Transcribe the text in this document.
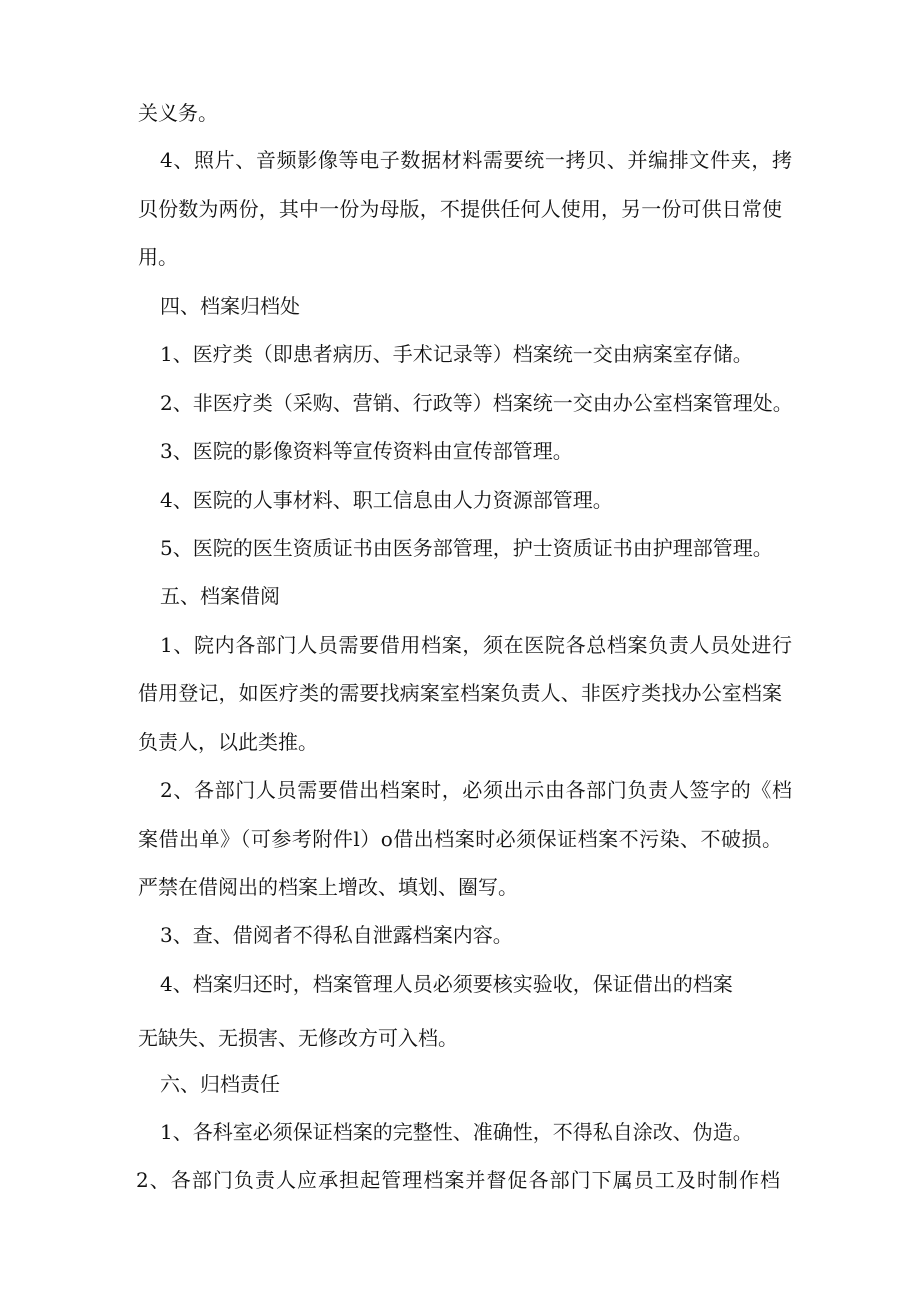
关义务。

4、照片、音频影像等电子数据材料需要统一拷贝、并编排文件夹，拷

贝份数为两份，其中一份为母版，不提供任何人使用，另一份可供日常使

用。

四、档案归档处

1、医疗类（即患者病历、手术记录等）档案统一交由病案室存储。

2、非医疗类（采购、营销、行政等）档案统一交由办公室档案管理处。

3、医院的影像资料等宣传资料由宣传部管理。

4、医院的人事材料、职工信息由人力资源部管理。

5、医院的医生资质证书由医务部管理，护士资质证书由护理部管理。

五、档案借阅

1、院内各部门人员需要借用档案，须在医院各总档案负责人员处进行

借用登记，如医疗类的需要找病案室档案负责人、非医疗类找办公室档案

负责人，以此类推。

2、各部门人员需要借出档案时，必须出示由各部门负责人签字的《档

案借出单》（可参考附件l）o借出档案时必须保证档案不污染、不破损。

严禁在借阅出的档案上增改、填划、圈写。

3、查、借阅者不得私自泄露档案内容。

4、档案归还时，档案管理人员必须要核实验收，保证借出的档案

无缺失、无损害、无修改方可入档。

六、归档责任

1、各科室必须保证档案的完整性、准确性，不得私自涂改、伪造。

2、各部门负责人应承担起管理档案并督促各部门下属员工及时制作档
